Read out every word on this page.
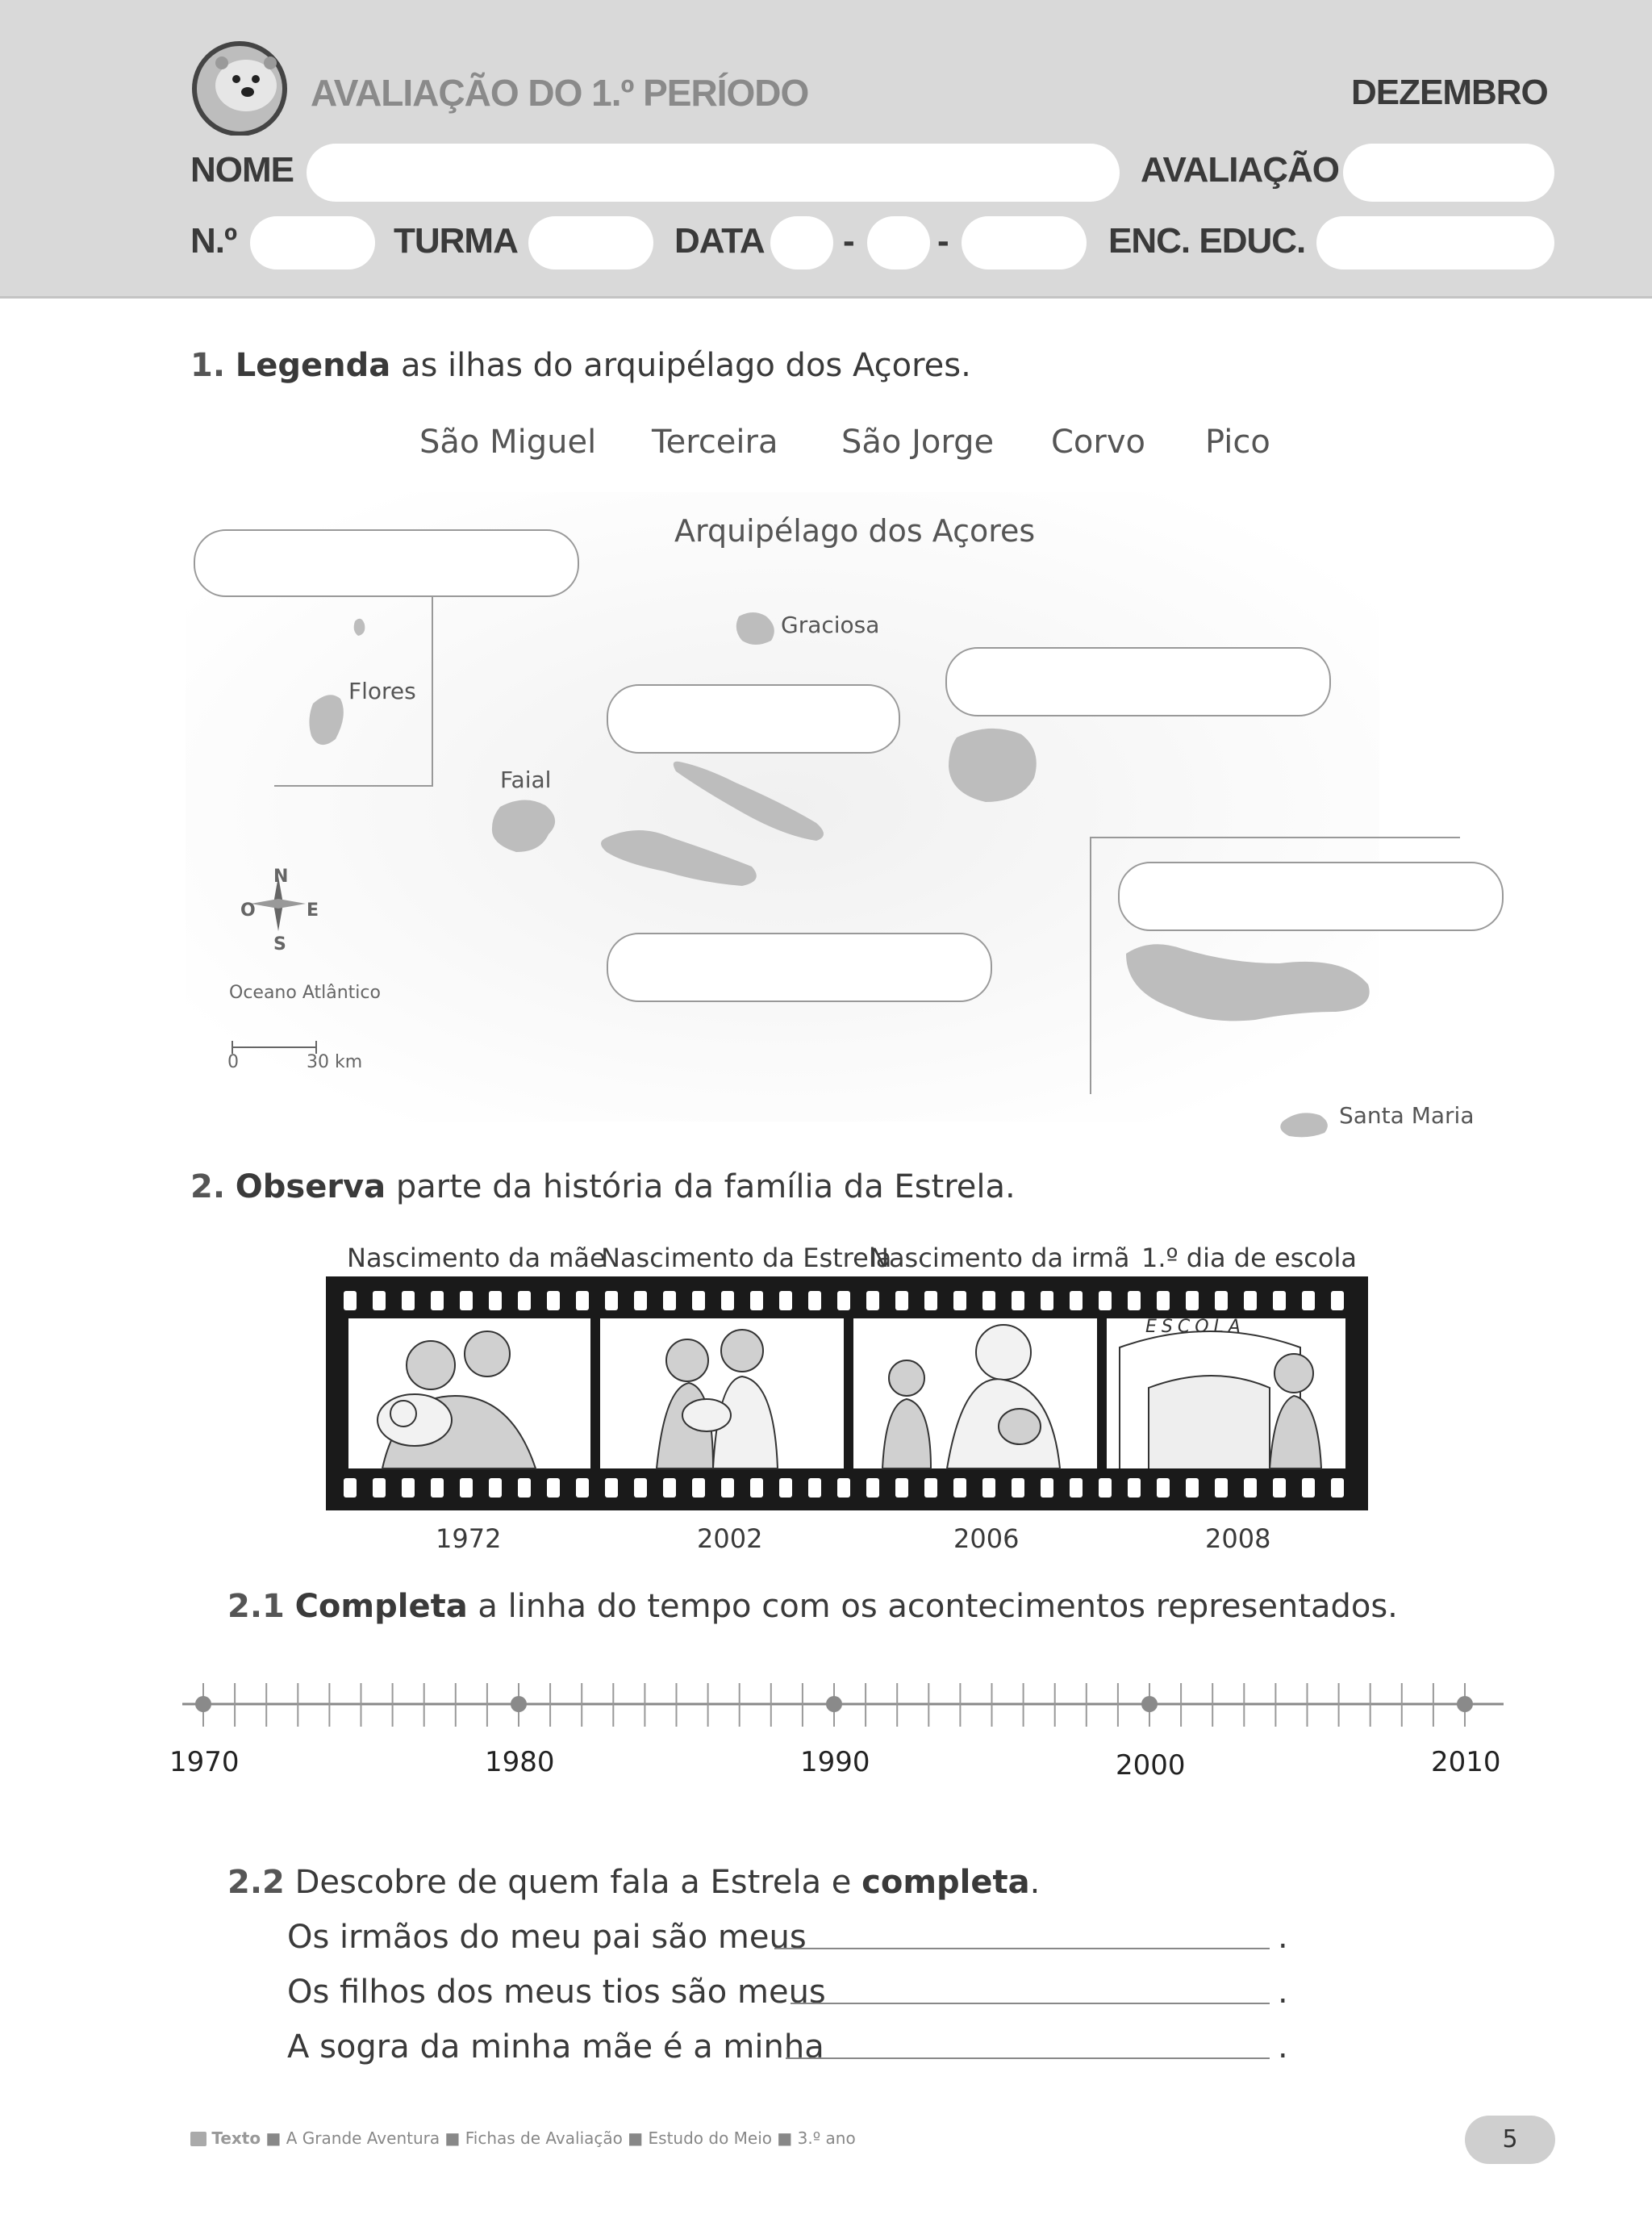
AVALIAÇÃO DO 1.º PERÍODO	DEZEMBRO
NOME	AVALIAÇÃO
N.º	TURMA	DATA - -	ENC. EDUC.
1. Legenda as ilhas do arquipélago dos Açores.
São Miguel Terceira São Jorge Corvo Pico
Arquipélago dos Açores
Graciosa
Flores
Faial
Santa Maria
Oceano Atlântico
N
S
O	E
0	30 km
2. Observa parte da história da família da Estrela.
Nascimento da mãe
Nascimento da Estrela
Nascimento da irmã 1.º dia de escola
ESCOLA
1972	2002	2006	2008
2.1 Completa a linha do tempo com os acontecimentos representados.
1970	1980	1990	2000	2010
2.2 Descobre de quem fala a Estrela e completa.
Os irmãos do meu pai são meus	.
Os filhos dos meus tios são meus	.
A sogra da minha mãe é a minha	.
Texto ■ A Grande Aventura ■ Fichas de Avaliação ■ Estudo do Meio ■ 3.º ano	5
